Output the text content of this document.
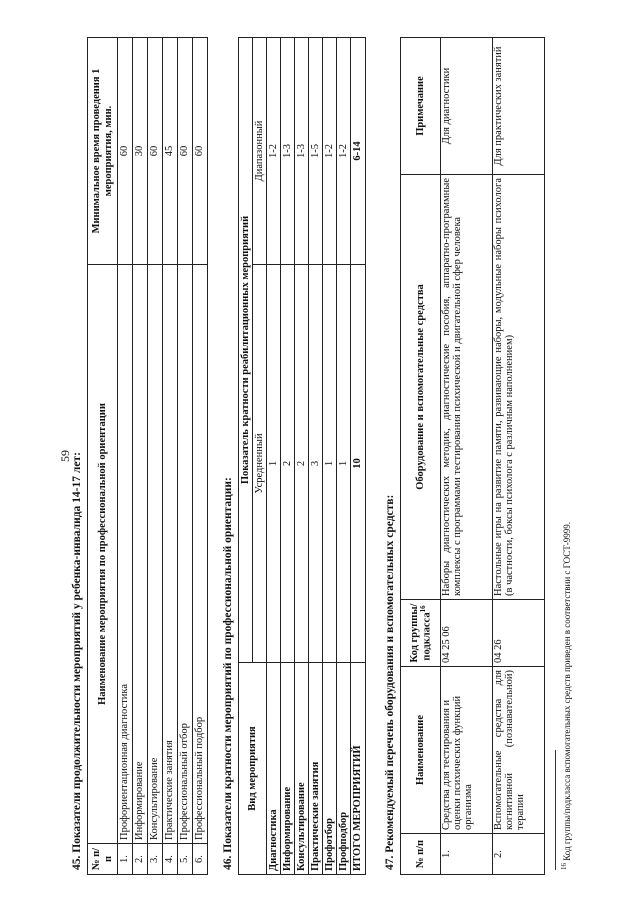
59 45. Показатели продолжительности мероприятий у ребенка-инвалида 14-17 лет: № п/п	Наименование мероприятия по профессиональной ориентации	Минимальное время проведения 1 мероприятия, мин.
1.	Профориентационная диагностика	60
2.	Информирование	30
3.	Консультирование	60
4.	Практические занятия	45
5.	Профессиональный отбор	60
6.	Профессиональный подбор	60
46. Показатели кратности мероприятий по профессиональной ориентации: Вид мероприятия	Показатель кратности реабилитационных мероприятий	
	Усредненный	Диапазонный
Диагностика	1	1-2
Информирование	2	1-3
Консультирование	2	1-3
Практические занятия	3	1-5
Профотбор	1	1-2
Профподбор	1	1-2
ИТОГО МЕРОПРИЯТИЙ	10	6-14
47. Рекомендуемый перечень оборудования и вспомогательных средств: № п/п	Наименование	Код группы/подкласса$^{16}$	Оборудование и вспомогательные средства	Примечание
1.	Средства для тестирования и оценки психических функций организма	04 25 06	Наборы диагностических методик, диагностические пособия, аппаратно-программные комплексы с программами тестирования психической и двигательной сфер человека	Для диагностики
2.	Вспомогательные средства для когнитивной (познавательной) терапии	04 26	Настольные игры на развитие памяти, развивающие наборы, модульные наборы психолога (в частности, боксы психолога с различным наполнением)	Для практических занятий
$^{16}$ Код группы/подкласса вспомогательных средств приведен в соответствии с ГОСТ-9999.
